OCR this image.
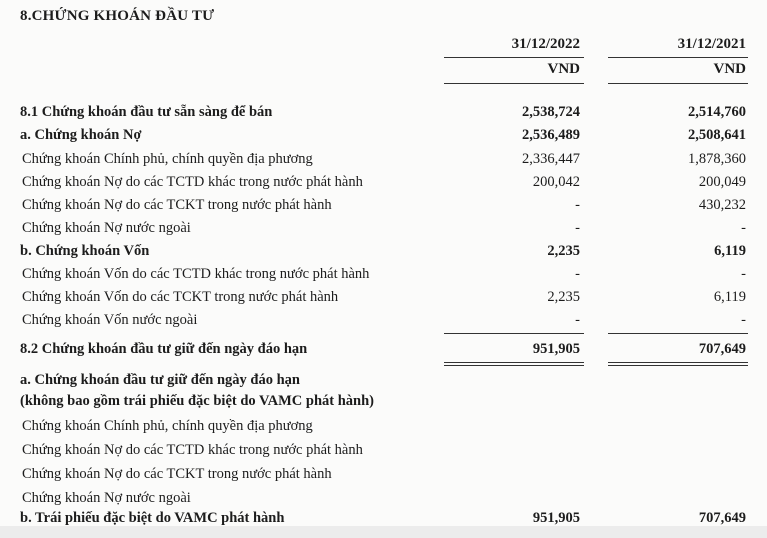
8.CHỨNG KHOÁN ĐẦU TƯ
31/12/2022	31/12/2021
VND	VND
8.1 Chứng khoán đầu tư sẵn sàng để bán	2,538,724	2,514,760
a. Chứng khoán Nợ	2,536,489	2,508,641
Chứng khoán Chính phủ, chính quyền địa phương	2,336,447	1,878,360
Chứng khoán Nợ do các TCTD khác trong nước phát hành	200,042	200,049
Chứng khoán Nợ do các TCKT trong nước phát hành	-	430,232
Chứng khoán Nợ nước ngoài	-	-
b. Chứng khoán Vốn	2,235	6,119
Chứng khoán Vốn do các TCTD khác trong nước phát hành	-	-
Chứng khoán Vốn do các TCKT trong nước phát hành	2,235	6,119
Chứng khoán Vốn nước ngoài	-	-
8.2 Chứng khoán đầu tư giữ đến ngày đáo hạn	951,905	707,649
a. Chứng khoán đầu tư giữ đến ngày đáo hạn
(không bao gồm trái phiếu đặc biệt do VAMC phát hành)
Chứng khoán Chính phủ, chính quyền địa phương
Chứng khoán Nợ do các TCTD khác trong nước phát hành
Chứng khoán Nợ do các TCKT trong nước phát hành
Chứng khoán Nợ nước ngoài
b. Trái phiếu đặc biệt do VAMC phát hành	951,905	707,649
